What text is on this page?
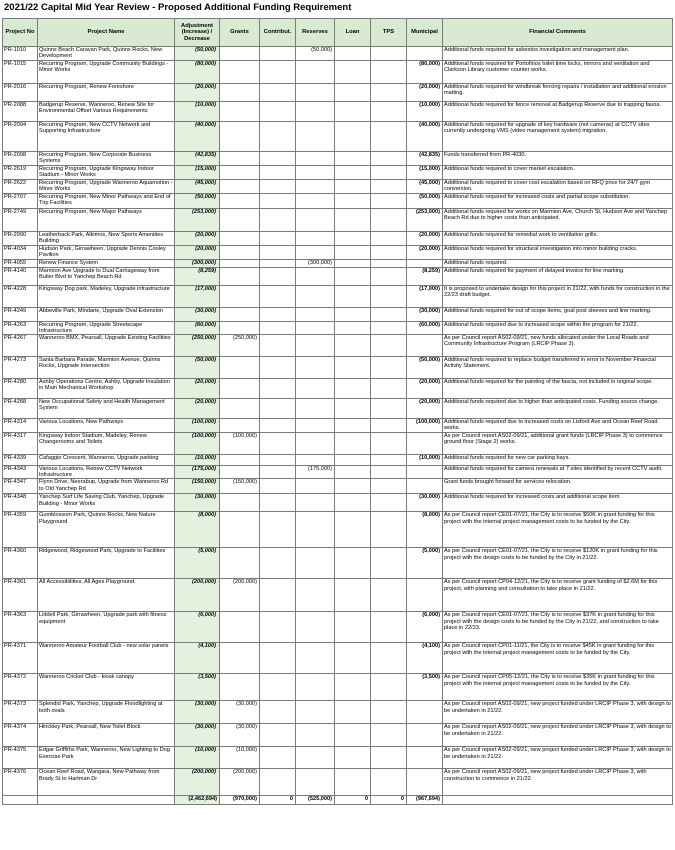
2021/22 Capital Mid Year Review - Proposed Additional Funding Requirement
Project No	Project Name	Adjustment (Increase) / Decrease	Grants	Contribut.	Reserves	Loan	TPS	Municipal	Financial Comments
PR-1010	Quinns Beach Caravan Park, Quinns Rocks, New Development	(50,000)			(50,000)				Additional funds required for asbestos investigation and management plan.
PR-1015	Recurring Program, Upgrade Community Buildings - Minor Works	(80,000)						(80,000)	Additional funds required for Portofinos toilet time locks, mirrors and ventilation and Clarkson Library customer counter works.
PR-2016	Recurring Program, Renew Foreshore	(20,000)						(20,000)	Additional funds required for windbreak fencing repairs / installation and additional erosion matting.
PR-2088	Badgerup Reserve, Wanneroo, Renew Site for Environmental Offset Various Requirements	(10,000)						(10,000)	Additional funds required for fence removal at Badgerup Reserve due to trapping fauna.
PR-2094	Recurring Program, New CCTV Network and Supporting Infrastructure	(40,000)						(40,000)	Additional funds required for upgrade of key hardware (not cameras) at CCTV sites currently undergoing VMS (video management system) migration.
PR-2098	Recurring Program, New Corporate Business Systems	(42,835)						(42,835)	Funds transferred from PR-4030.
PR-2619	Recurring Program, Upgrade Kingsway Indoor Stadium - Minor Works	(15,000)						(15,000)	Additional funds required to cover market escalation.
PR-2622	Recurring Program, Upgrade Wanneroo Aquamotion - Minor Works	(45,000)						(45,000)	Additional funds required to cover cost escalation based on RFQ price for 24/7 gym conversion.
PR-2707	Recurring Program, New Minor Pathways and End of Trip Facilities	(50,000)						(50,000)	Additional funds required for increased costs and partial scope substitution.
PR-2749	Recurring Program, New Major Pathways	(253,000)						(253,000)	Additional funds required for works on Marmion Ave, Church St, Hudson Ave and Yanchep Beach Rd due to higher costs than anticipated.
PR-2990	Leatherback Park, Alkimos, New Sports Amenities Building	(20,000)						(20,000)	Additional funds required for remedial work to ventilation grills.
PR-4034	Hudson Park, Girrawheen, Upgrade Dennis Cooley Pavilion	(20,000)						(20,000)	Additional funds required for structural investigation into minor building cracks.
PR-4055	Renew Finance System	(300,000)			(300,000)				Additional funds required.
PR-4140	Marmion Ave Upgrade to Dual Carriageway from Butler Blvd to Yanchep Beach Rd	(8,259)						(8,259)	Additional funds required for payment of delayed invoice for line marking.
PR-4228	Kingsway Dog park, Madeley, Upgrade infrastructure	(17,000)						(17,000)	It is proposed to undertake design for this project in 21/22, with funds for construction in the 22/23 draft budget.
PR-4249	Abbeville Park, Mindarie, Upgrade Oval Extension	(30,000)						(30,000)	Additional funds required for out of scope items, goal post sleeves and line marking.
PR-4263	Recurring Program, Upgrade Streetscape Infrastructure	(60,000)						(60,000)	Additional funds required due to increased scope within the program for 21/22.
PR-4267	Wanneroo BMX, Pearsall, Upgrade Existing Facilities	(250,000)	(250,000)						As per Council report AS02-09/21, new funds allocated under the Local Roads and Community Infrastructure Program (LRCIP Phase 3).
PR-4273	Santa Barbara Parade, Marmion Avenue, Quinns Rocks, Upgrade Intersection	(50,000)						(50,000)	Additional funds required to replace budget transferred in error in November Financial Activity Statement.
PR-4280	Ashby Operations Centre, Ashby, Upgrade Insulation in Main Mechanical Workshop	(20,000)						(20,000)	Additional funds required for the painting of the fascia, not included in original scope.
PR-4288	New Occupational Safety and Health Management System	(20,000)						(20,000)	Additional funds required due to higher than anticipated costs. Funding source change.
PR-4314	Various Locations, New Pathways	(100,000)						(100,000)	Additional funds required due to increased costs on Lisford Ave and Ocean Reef Road works.
PR-4317	Kingsway Indoor Stadium, Madeley, Renew Changerooms and Toilets	(100,000)	(100,000)						As per Council report AS02-09/21, additional grant funds (LRCIP Phase 3) to commence ground floor (Stage 2) works.
PR-4339	Cafaggio Crescent, Wanneroo, Upgrade parking	(10,000)						(10,000)	Additional funds required for new car parking bays.
PR-4343	Various Locations, Renew CCTV Network Infrastructure	(175,000)			(175,000)				Additional funds required for camera renewals at 7 sites identified by recent CCTV audit.
PR-4347	Flynn Drive, Neerabup, Upgrade from Wanneroo Rd to Old Yanchep Rd	(150,000)	(150,000)						Grant funds brought forward for services relocation.
PR-4348	Yanchep Surf Life Saving Club, Yanchep, Upgrade Building - Minor Works	(30,000)						(30,000)	Additional funds required for increased costs and additional scope item.
PR-4359	Gumblossom Park, Quinns Rocks, New Nature Playground	(8,000)						(8,000)	As per Council report CE01-07/21, the City is to receive $50K in grant funding for this project with the internal project management costs to be funded by the City.
PR-4360	Ridgewood, Ridgewood Park, Upgrade to Facilities	(5,000)						(5,000)	As per Council report CE01-07/21, the City is to receive $120K in grant funding for this project with the design costs to be funded by the City in 21/22.
PR-4361	All Accessibilities, All Ages Playground	(200,000)	(200,000)						As per Council report CP04-12/21, the City is to receive grant funding of $2.6M for this project, with planning and consultation to take place in 21/22.
PR-4363	Liddell Park, Girrawheen, Upgrade park with fitness equipment	(6,000)						(6,000)	As per Council report CE01-07/21, the City is to receive $37K in grant funding for this project with the design costs to be funded by the City in 21/22, and construction to take place in 22/23.
PR-4371	Wanneroo Amateur Football Club - new solar panels	(4,100)						(4,100)	As per Council report CP01-11/21, the City is to receive $45K in grant funding for this project with the internal project management costs to be funded by the City.
PR-4372	Wanneroo Cricket Club - kiosk canopy	(3,500)						(3,500)	As per Council report CP05-12/21, the City is to receive $35K in grant funding for this project with the internal project management costs to be funded by the City.
PR-4373	Splendid Park, Yanchep, Upgrade Floodlighting at both ovals	(30,000)	(30,000)						As per Council report AS02-09/21, new project funded under LRCIP Phase 3, with design to be undertaken in 21/22.
PR-4374	Hinckley Park, Pearsall, New Toilet Block	(30,000)	(30,000)						As per Council report AS02-09/21, new project funded under LRCIP Phase 3, with design to be undertaken in 21/22.
PR-4375	Edgar Griffiths Park, Wanneroo, New Lighting to Dog Exercise Park	(10,000)	(10,000)						As per Council report AS02-09/21, new project funded under LRCIP Phase 3, with design to be undertaken in 21/22.
PR-4376	Ocean Reef Road, Wangara, New Pathway from Brady St to Hartman Dr	(200,000)	(200,000)						As per Council report AS02-09/21, new project funded under LRCIP Phase 3, with construction to commence in 21/22.
		(2,462,694)	(970,000)	0	(525,000)	0	0	(967,694)	
